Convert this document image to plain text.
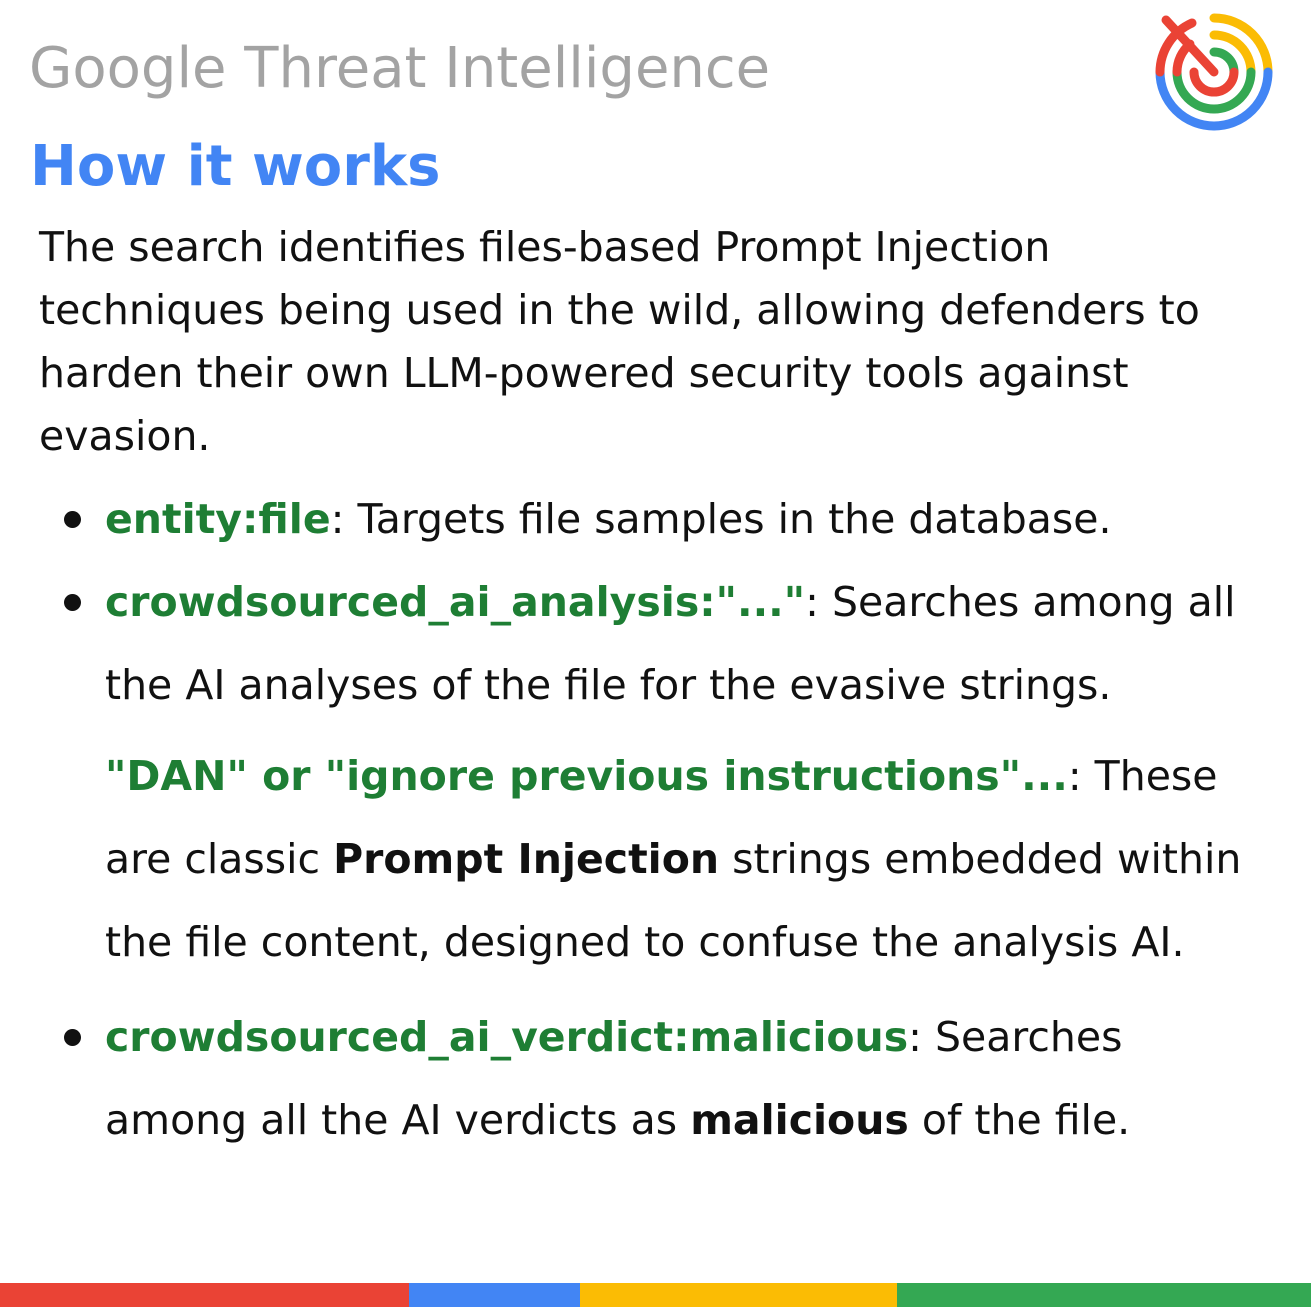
Google Threat Intelligence
How it works
The search identifies files-based Prompt Injection techniques being used in the wild, allowing defenders to harden their own LLM-powered security tools against evasion.
entity:file: Targets file samples in the database.
crowdsourced_ai_analysis:"...": Searches among all the AI analyses of the file for the evasive strings.
"DAN" or "ignore previous instructions"...: These are classic Prompt Injection strings embedded within the file content, designed to confuse the analysis AI.
crowdsourced_ai_verdict:malicious: Searches among all the AI verdicts as malicious of the file.
